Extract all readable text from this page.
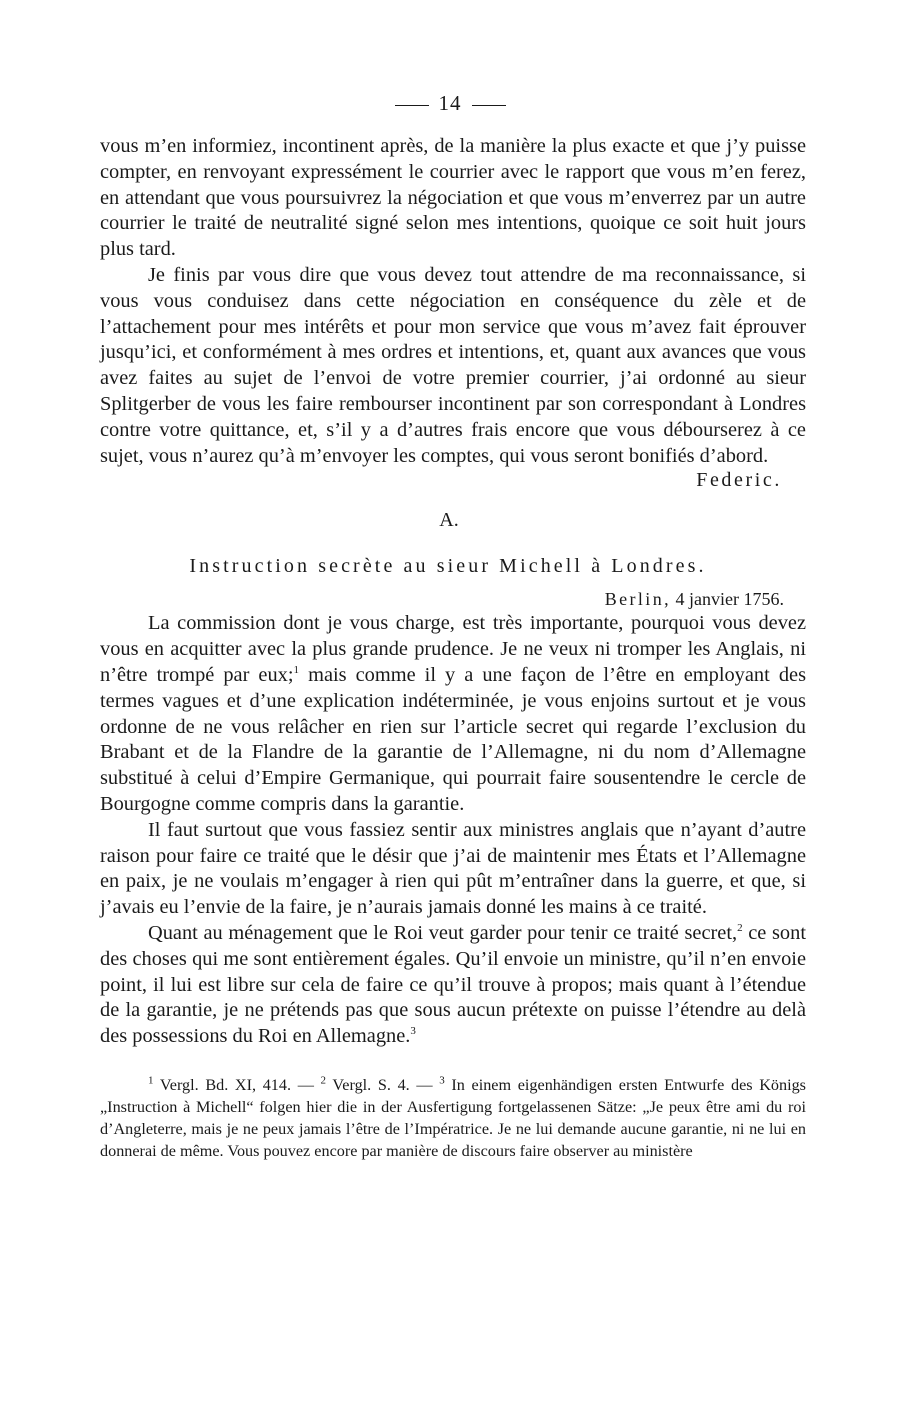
14

vous m’en informiez, incontinent après, de la manière la plus exacte et que j’y puisse compter, en renvoyant expressément le courrier avec le rapport que vous m’en ferez, en attendant que vous poursuivrez la négociation et que vous m’enverrez par un autre courrier le traité de neutralité signé selon mes intentions, quoique ce soit huit jours plus tard.

Je finis par vous dire que vous devez tout attendre de ma reconnaissance, si vous vous conduisez dans cette négociation en conséquence du zèle et de l’attachement pour mes intérêts et pour mon service que vous m’avez fait éprouver jusqu’ici, et conformément à mes ordres et intentions, et, quant aux avances que vous avez faites au sujet de l’envoi de votre premier courrier, j’ai ordonné au sieur Splitgerber de vous les faire rembourser incontinent par son correspondant à Londres contre votre quittance, et, s’il y a d’autres frais encore que vous débourserez à ce sujet, vous n’aurez qu’à m’envoyer les comptes, qui vous seront bonifiés d’abord.

Federic.
A.
Instruction secrète au sieur Michell à Londres.
Berlin, 4 janvier 1756.

La commission dont je vous charge, est très importante, pourquoi vous devez vous en acquitter avec la plus grande prudence. Je ne veux ni tromper les Anglais, ni n’être trompé par eux;$^1$ mais comme il y a une façon de l’être en employant des termes vagues et d’une explication indéterminée, je vous enjoins surtout et je vous ordonne de ne vous relâcher en rien sur l’article secret qui regarde l’exclusion du Brabant et de la Flandre de la garantie de l’Allemagne, ni du nom d’Allemagne substitué à celui d’Empire Germanique, qui pourrait faire sousentendre le cercle de Bourgogne comme compris dans la garantie.

Il faut surtout que vous fassiez sentir aux ministres anglais que n’ayant d’autre raison pour faire ce traité que le désir que j’ai de maintenir mes États et l’Allemagne en paix, je ne voulais m’engager à rien qui pût m’entraîner dans la guerre, et que, si j’avais eu l’envie de la faire, je n’aurais jamais donné les mains à ce traité.

Quant au ménagement que le Roi veut garder pour tenir ce traité secret,$^2$ ce sont des choses qui me sont entièrement égales. Qu’il envoie un ministre, qu’il n’en envoie point, il lui est libre sur cela de faire ce qu’il trouve à propos; mais quant à l’étendue de la garantie, je ne prétends pas que sous aucun prétexte on puisse l’étendre au delà des possessions du Roi en Allemagne.$^3$

$^1$ Vergl. Bd. XI, 414. — $^2$ Vergl. S. 4. — $^3$ In einem eigenhändigen ersten Entwurfe des Königs „Instruction à Michell“ folgen hier die in der Ausfertigung fortgelassenen Sätze: „Je peux être ami du roi d’Angleterre, mais je ne peux jamais l’être de l’Impératrice. Je ne lui demande aucune garantie, ni ne lui en donnerai de même. Vous pouvez encore par manière de discours faire observer au ministère
